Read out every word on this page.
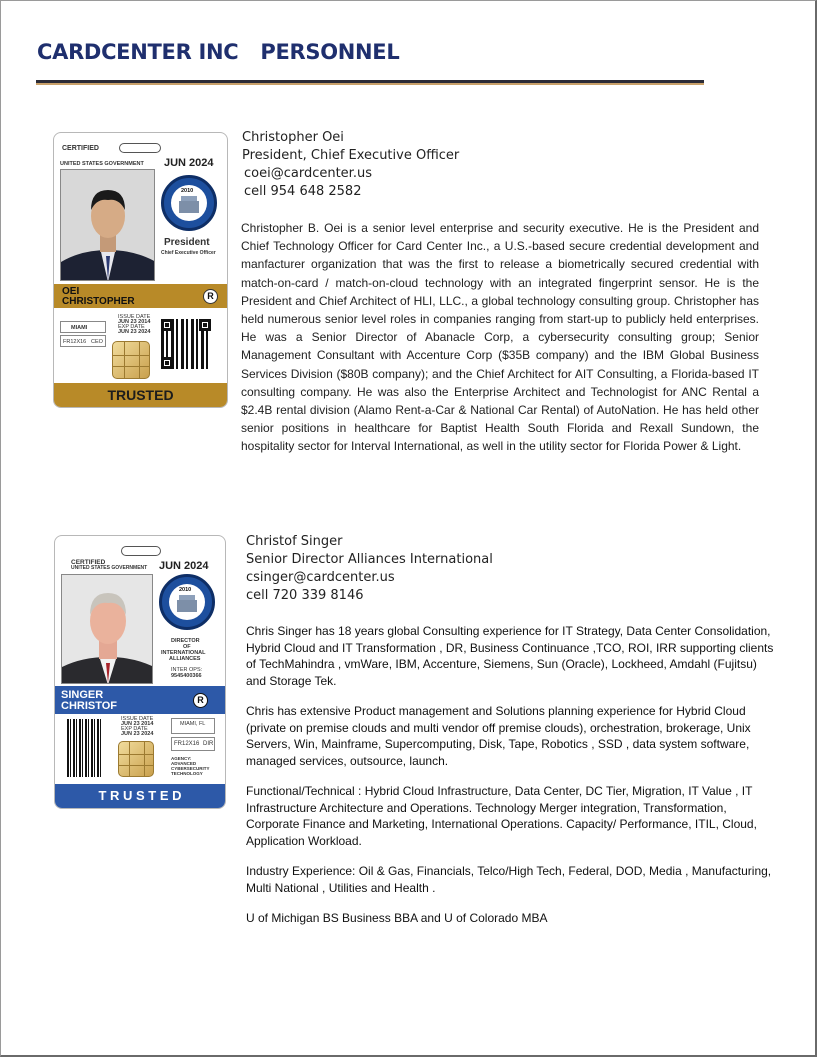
CARDCENTER INC PERSONNEL
CERTIFIED
UNITED STATES GOVERNMENT JUN 2024
2010
President
Chief Executive Officer
OEI
CHRISTOPHER	R
ISSUE DATE
JUN 23 2014
EXP DATE
JUN 23 2024
MIAMI
FR12X16 CEO
TRUSTED
Christopher Oei
President, Chief Executive Officer
coei@cardcenter.us
cell 954 648 2582
Christopher B. Oei is a senior level enterprise and security executive. He is the President and Chief Technology Officer for Card Center Inc., a U.S.-based secure credential development and manfacturer organization that was the first to release a biometrically secured credential with match-on-card / match-on-cloud technology with an integrated fingerprint sensor. He is the President and Chief Architect of HLI, LLC., a global technology consulting group. Christopher has held numerous senior level roles in companies ranging from start-up to publicly held enterprises. He was a Senior Director of Abanacle Corp, a cybersecurity consulting group; Senior Management Consultant with Accenture Corp ($35B company) and the IBM Global Business Services Division ($80B company); and the Chief Architect for AIT Consulting, a Florida-based IT consulting company. He was also the Enterprise Architect and Technologist for ANC Rental a $2.4B rental division (Alamo Rent-a-Car & National Car Rental) of AutoNation. He has held other senior positions in healthcare for Baptist Health South Florida and Rexall Sundown, the hospitality sector for Interval International, as well in the utility sector for Florida Power & Light.
CERTIFIED
UNITED STATES GOVERNMENT JUN 2024
2010
DIRECTOR
OF
INTERNATIONAL
ALLIANCES
INTER OPS:
9545400366
SINGER
CHRISTOF	R
ISSUE DATE
JUN 23 2014
EXP DATE
JUN 23 2024
MIAMI, FL
FR12X16 DIR
AGENCY:
ADVANCED
CYBERSECURITY
TECHNOLOGY
T R U S T E D
Christof Singer
Senior Director Alliances International
csinger@cardcenter.us
cell 720 339 8146

Chris Singer has 18 years global Consulting experience for IT Strategy, Data Center Consolidation, Hybrid Cloud and IT Transformation , DR, Business Continuance ,TCO, ROI, IRR supporting clients of TechMahindra , vmWare, IBM, Accenture, Siemens, Sun (Oracle), Lockheed, Amdahl (Fujitsu) and Storage Tek.

Chris has extensive Product management and Solutions planning experience for Hybrid Cloud (private on premise clouds and multi vendor off premise clouds), orchestration, brokerage, Unix Servers, Win, Mainframe, Supercomputing, Disk, Tape, Robotics , SSD , data system software, managed services, outsource, launch.

Functional/Technical : Hybrid Cloud Infrastructure, Data Center, DC Tier, Migration, IT Value , IT Infrastructure Architecture and Operations. Technology Merger integration, Transformation, Corporate Finance and Marketing, International Operations. Capacity/ Performance, ITIL, Cloud, Application Workload.

Industry Experience: Oil & Gas, Financials, Telco/High Tech, Federal, DOD, Media , Manufacturing, Multi National , Utilities and Health .

U of Michigan BS Business BBA and U of Colorado MBA
